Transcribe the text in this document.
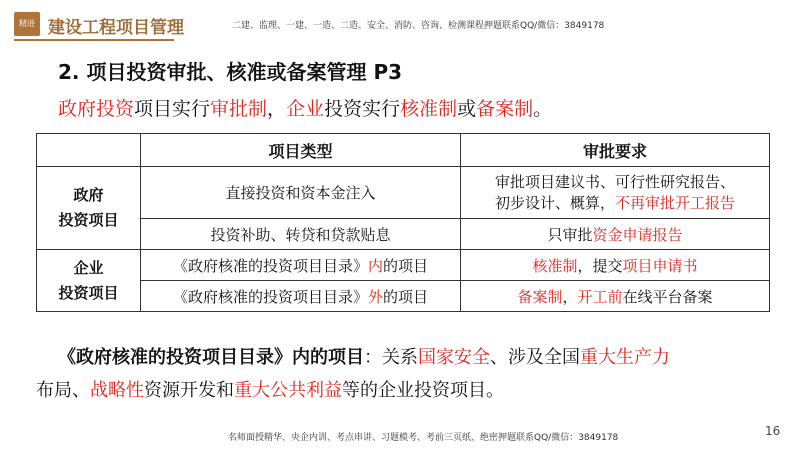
精进 建设工程项目管理	二建、监理、一建、一造、二造、安全、消防、咨询、检测课程押题联系QQ/微信：3849178
2. 项目投资审批、核准或备案管理 P3
政府投资项目实行审批制，企业投资实行核准制或备案制。
	项目类型	审批要求
政府
投资项目	直接投资和资本金注入	审批项目建议书、可行性研究报告、
初步设计、概算，不再审批开工报告
	投资补助、转贷和贷款贴息	只审批资金申请报告
企业
投资项目	《政府核准的投资项目目录》内的项目	核准制，提交项目申请书
	《政府核准的投资项目目录》外的项目	备案制，开工前在线平台备案
《政府核准的投资项目目录》内的项目：关系国家安全、涉及全国重大生产力
布局、战略性资源开发和重大公共利益等的企业投资项目。
名师面授精华、央企内训、考点串讲、习题模考、考前三页纸、绝密押题联系QQ/微信：3849178	16
